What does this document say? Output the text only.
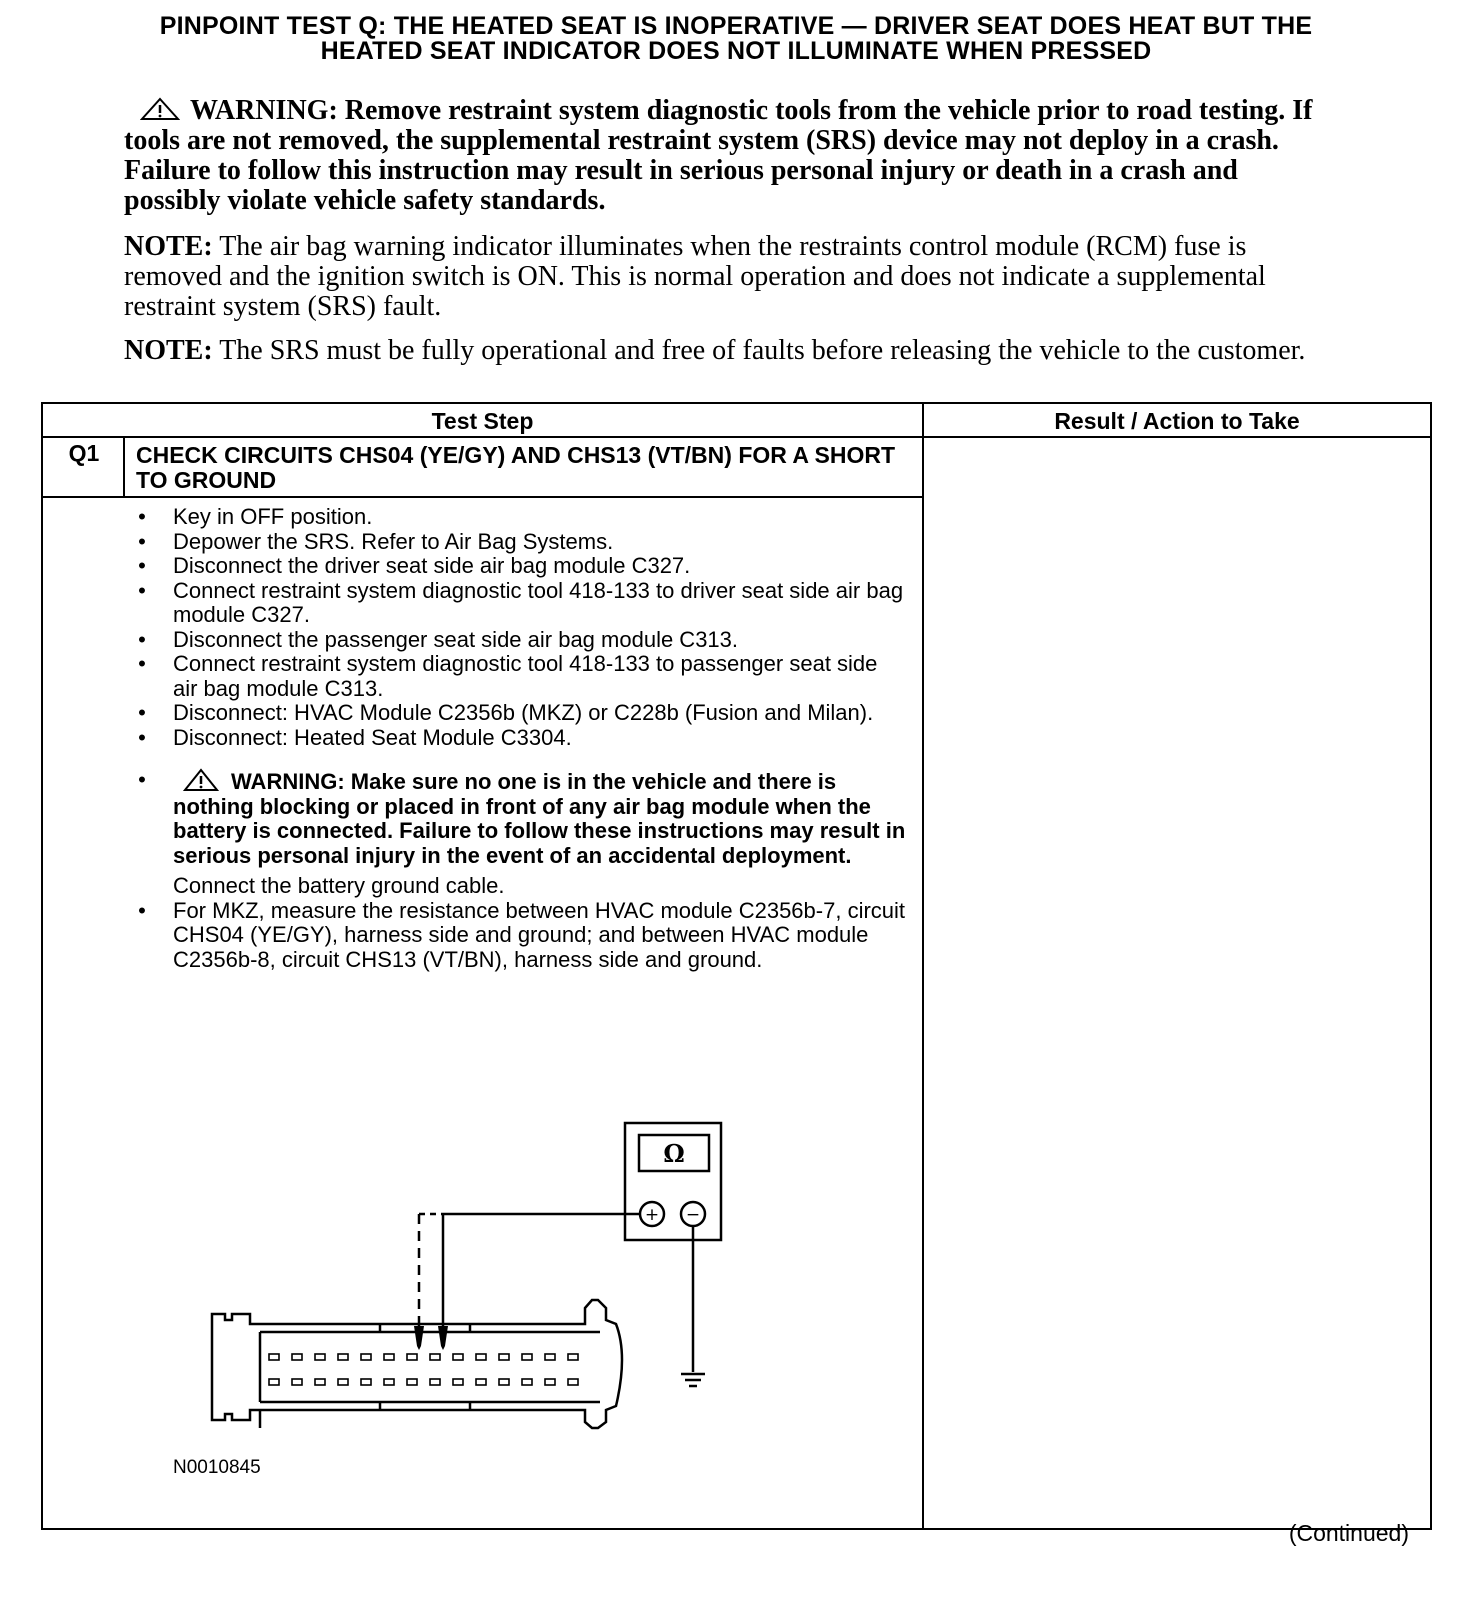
PINPOINT TEST Q: THE HEATED SEAT IS INOPERATIVE — DRIVER SEAT DOES HEAT BUT THE
HEATED SEAT INDICATOR DOES NOT ILLUMINATE WHEN PRESSED
WARNING: Remove restraint system diagnostic tools from the vehicle prior to road testing. If tools are not removed, the supplemental restraint system (SRS) device may not deploy in a crash. Failure to follow this instruction may result in serious personal injury or death in a crash and possibly violate vehicle safety standards.
NOTE: The air bag warning indicator illuminates when the restraints control module (RCM) fuse is removed and the ignition switch is ON. This is normal operation and does not indicate a supplemental restraint system (SRS) fault.
NOTE: The SRS must be fully operational and free of faults before releasing the vehicle to the customer.
Test Step	Result / Action to Take
Q1	CHECK CIRCUITS CHS04 (YE/GY) AND CHS13 (VT/BN) FOR A SHORT TO GROUND
• Key in OFF position.
• Depower the SRS. Refer to Air Bag Systems.
• Disconnect the driver seat side air bag module C327.
• Connect restraint system diagnostic tool 418-133 to driver seat side air bag module C327.
• Disconnect the passenger seat side air bag module C313.
• Connect restraint system diagnostic tool 418-133 to passenger seat side air bag module C313.
• Disconnect: HVAC Module C2356b (MKZ) or C228b (Fusion and Milan).
• Disconnect: Heated Seat Module C3304.
•	WARNING: Make sure no one is in the vehicle and there is nothing blocking or placed in front of any air bag module when the battery is connected. Failure to follow these instructions may result in serious personal injury in the event of an accidental deployment.
Connect the battery ground cable.
• For MKZ, measure the resistance between HVAC module C2356b-7, circuit CHS04 (YE/GY), harness side and ground; and between HVAC module C2356b-8, circuit CHS13 (VT/BN), harness side and ground.
Ω
+ −
N0010845
(Continued)
